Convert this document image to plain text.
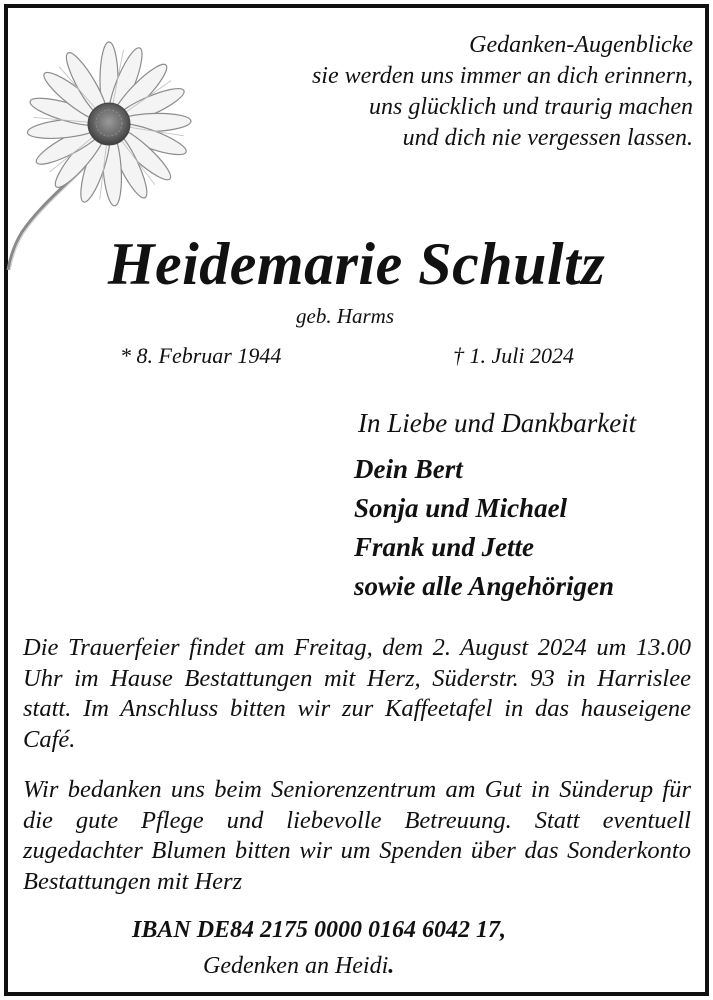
Gedanken-Augenblicke
sie werden uns immer an dich erinnern,
uns glücklich und traurig machen
und dich nie vergessen lassen.
Heidemarie Schultz
geb. Harms
* 8. Februar 1944	† 1. Juli 2024
In Liebe und Dankbarkeit
Dein Bert
Sonja und Michael
Frank und Jette
sowie alle Angehörigen
Die Trauerfeier findet am Freitag, dem 2. August 2024 um 13.00 Uhr im Hause Bestattungen mit Herz, Süderstr. 93 in Harrislee statt. Im Anschluss bitten wir zur Kaffeetafel in das hauseigene Café.
Wir bedanken uns beim Seniorenzentrum am Gut in Sünderup für die gute Pflege und liebevolle Betreuung. Statt eventuell zugedachter Blumen bitten wir um Spenden über das Sonderkonto Bestattungen mit Herz
IBAN DE84 2175 0000 0164 6042 17,
Gedenken an Heidi.
